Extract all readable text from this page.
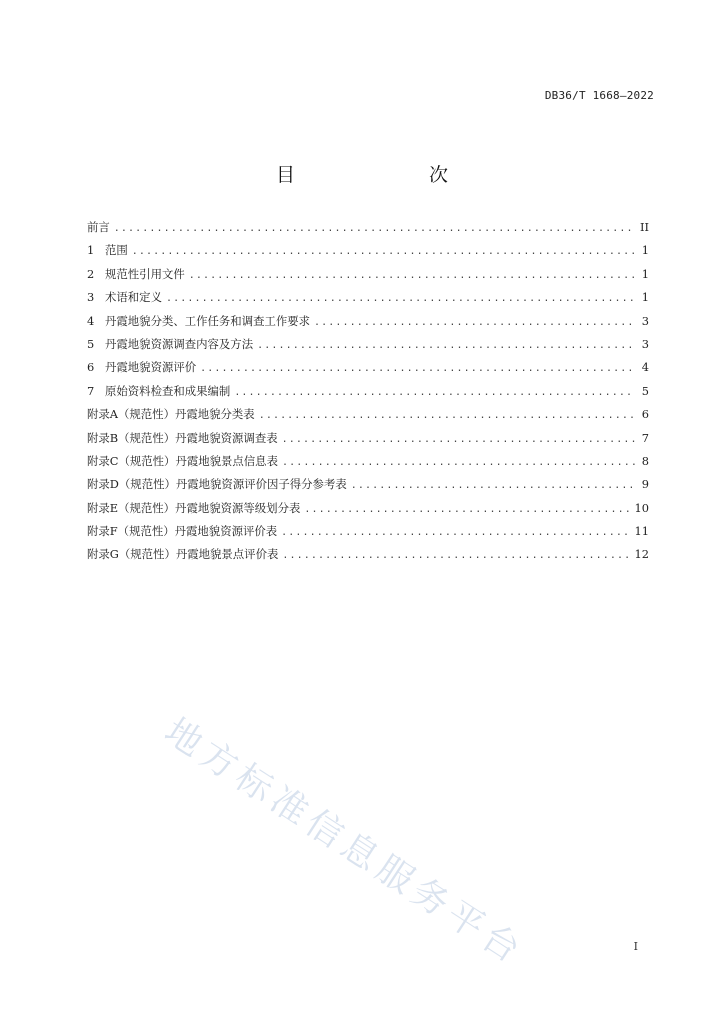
DB36/T 1668—2022
目　　次
前言 .....	II
1 范围 .....	1
2 规范性引用文件 .....	1
3 术语和定义 .....	1
4 丹霞地貌分类、工作任务和调查工作要求 .....	3
5 丹霞地貌资源调查内容及方法 .....	3
6 丹霞地貌资源评价 .....	4
7 原始资料检查和成果编制 .....	5
附录A（规范性）丹霞地貌分类表 .....	6
附录B（规范性）丹霞地貌资源调查表 .....	7
附录C（规范性）丹霞地貌景点信息表 .....	8
附录D（规范性）丹霞地貌资源评价因子得分参考表 .....	9
附录E（规范性）丹霞地貌资源等级划分表 .....	10
附录F（规范性）丹霞地貌资源评价表 .....	11
附录G（规范性）丹霞地貌景点评价表 .....	12
地方标准信息服务平台	I
